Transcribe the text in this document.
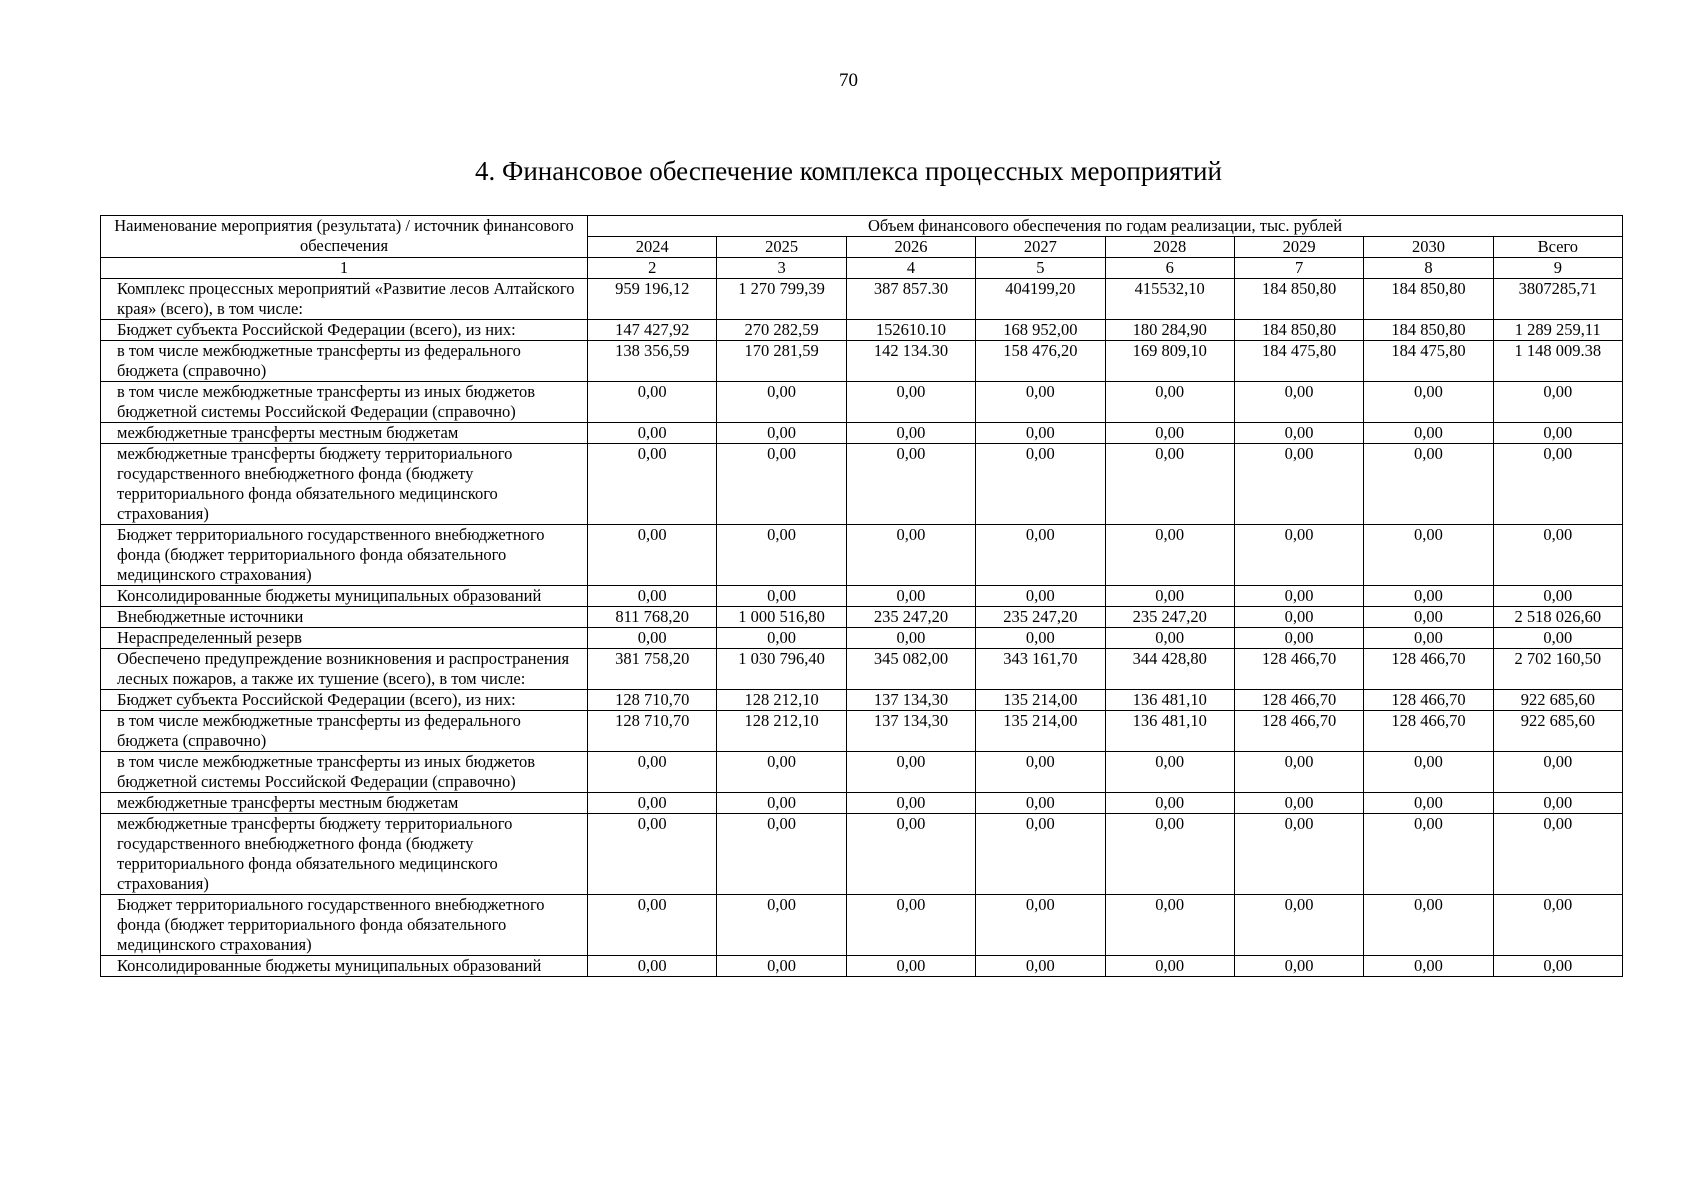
70
4. Финансовое обеспечение комплекса процессных мероприятий
Наименование мероприятия (результата) / источник финансового обеспечения	Объем финансового обеспечения по годам реализации, тыс. рублей							
	2024	2025	2026	2027	2028	2029	2030	Всего
1	2	3	4	5	6	7	8	9
Комплекс процессных мероприятий «Развитие лесов Алтайского края» (всего), в том числе:	959 196,12	1 270 799,39	387 857.30	404199,20	415532,10	184 850,80	184 850,80	3807285,71
Бюджет субъекта Российской Федерации (всего), из них:	147 427,92	270 282,59	152610.10	168 952,00	180 284,90	184 850,80	184 850,80	1 289 259,11
в том числе межбюджетные трансферты из федерального бюджета (справочно)	138 356,59	170 281,59	142 134.30	158 476,20	169 809,10	184 475,80	184 475,80	1 148 009.38
в том числе межбюджетные трансферты из иных бюджетов бюджетной системы Российской Федерации (справочно)	0,00	0,00	0,00	0,00	0,00	0,00	0,00	0,00
межбюджетные трансферты местным бюджетам	0,00	0,00	0,00	0,00	0,00	0,00	0,00	0,00
межбюджетные трансферты бюджету территориального государственного внебюджетного фонда (бюджету территориального фонда обязательного медицинского страхования)	0,00	0,00	0,00	0,00	0,00	0,00	0,00	0,00
Бюджет территориального государственного внебюджетного фонда (бюджет территориального фонда обязательного медицинского страхования)	0,00	0,00	0,00	0,00	0,00	0,00	0,00	0,00
Консолидированные бюджеты муниципальных образований	0,00	0,00	0,00	0,00	0,00	0,00	0,00	0,00
Внебюджетные источники	811 768,20	1 000 516,80	235 247,20	235 247,20	235 247,20	0,00	0,00	2 518 026,60
Нераспределенный резерв	0,00	0,00	0,00	0,00	0,00	0,00	0,00	0,00
Обеспечено предупреждение возникновения и распространения лесных пожаров, а также их тушение (всего), в том числе:	381 758,20	1 030 796,40	345 082,00	343 161,70	344 428,80	128 466,70	128 466,70	2 702 160,50
Бюджет субъекта Российской Федерации (всего), из них:	128 710,70	128 212,10	137 134,30	135 214,00	136 481,10	128 466,70	128 466,70	922 685,60
в том числе межбюджетные трансферты из федерального бюджета (справочно)	128 710,70	128 212,10	137 134,30	135 214,00	136 481,10	128 466,70	128 466,70	922 685,60
в том числе межбюджетные трансферты из иных бюджетов бюджетной системы Российской Федерации (справочно)	0,00	0,00	0,00	0,00	0,00	0,00	0,00	0,00
межбюджетные трансферты местным бюджетам	0,00	0,00	0,00	0,00	0,00	0,00	0,00	0,00
межбюджетные трансферты бюджету территориального государственного внебюджетного фонда (бюджету территориального фонда обязательного медицинского страхования)	0,00	0,00	0,00	0,00	0,00	0,00	0,00	0,00
Бюджет территориального государственного внебюджетного фонда (бюджет территориального фонда обязательного медицинского страхования)	0,00	0,00	0,00	0,00	0,00	0,00	0,00	0,00
Консолидированные бюджеты муниципальных образований	0,00	0,00	0,00	0,00	0,00	0,00	0,00	0,00
